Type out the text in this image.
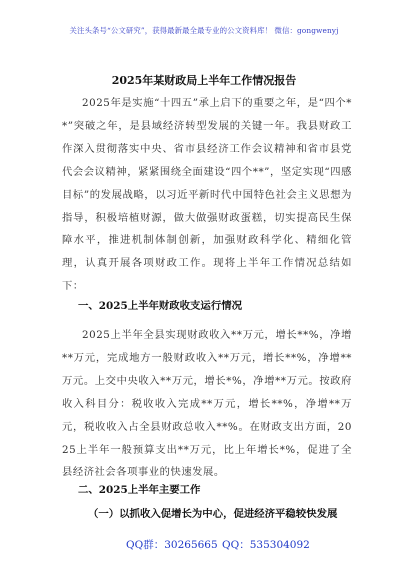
关注头条号“公文研究”，获得最新最全最专业的公文资料库！ 微信：gongwenyj
2025年某财政局上半年工作情况报告

2025年是实施“十四五”承上启下的重要之年，是“四个**”突破之年，是县域经济转型发展的关键一年。我县财政工作深入贯彻落实中央、省市县经济工作会议精神和省市县党代会会议精神，紧紧围绕全面建设“四个**”，坚定实现“四感目标”的发展战略，以习近平新时代中国特色社会主义思想为指导，积极培植财源，做大做强财政蛋糕，切实提高民生保障水平，推进机制体制创新，加强财政科学化、精细化管理，认真开展各项财政工作。现将上半年工作情况总结如下：

一、2025上半年财政收支运行情况

2025上半年全县实现财政收入**万元，增长**%，净增**万元，完成地方一般财政收入**万元，增长**%，净增**万元。上交中央收入**万元，增长*%，净增**万元。按政府收入科目分：税收收入完成**万元，增长**%，净增**万元，税收收入占全县财政总收入**%。在财政支出方面，2025上半年一般预算支出**万元，比上年增长*%，促进了全县经济社会各项事业的快速发展。

二、2025上半年主要工作
（一）以抓收入促增长为中心，促进经济平稳较快发展
QQ群：30265665 QQ：535304092
